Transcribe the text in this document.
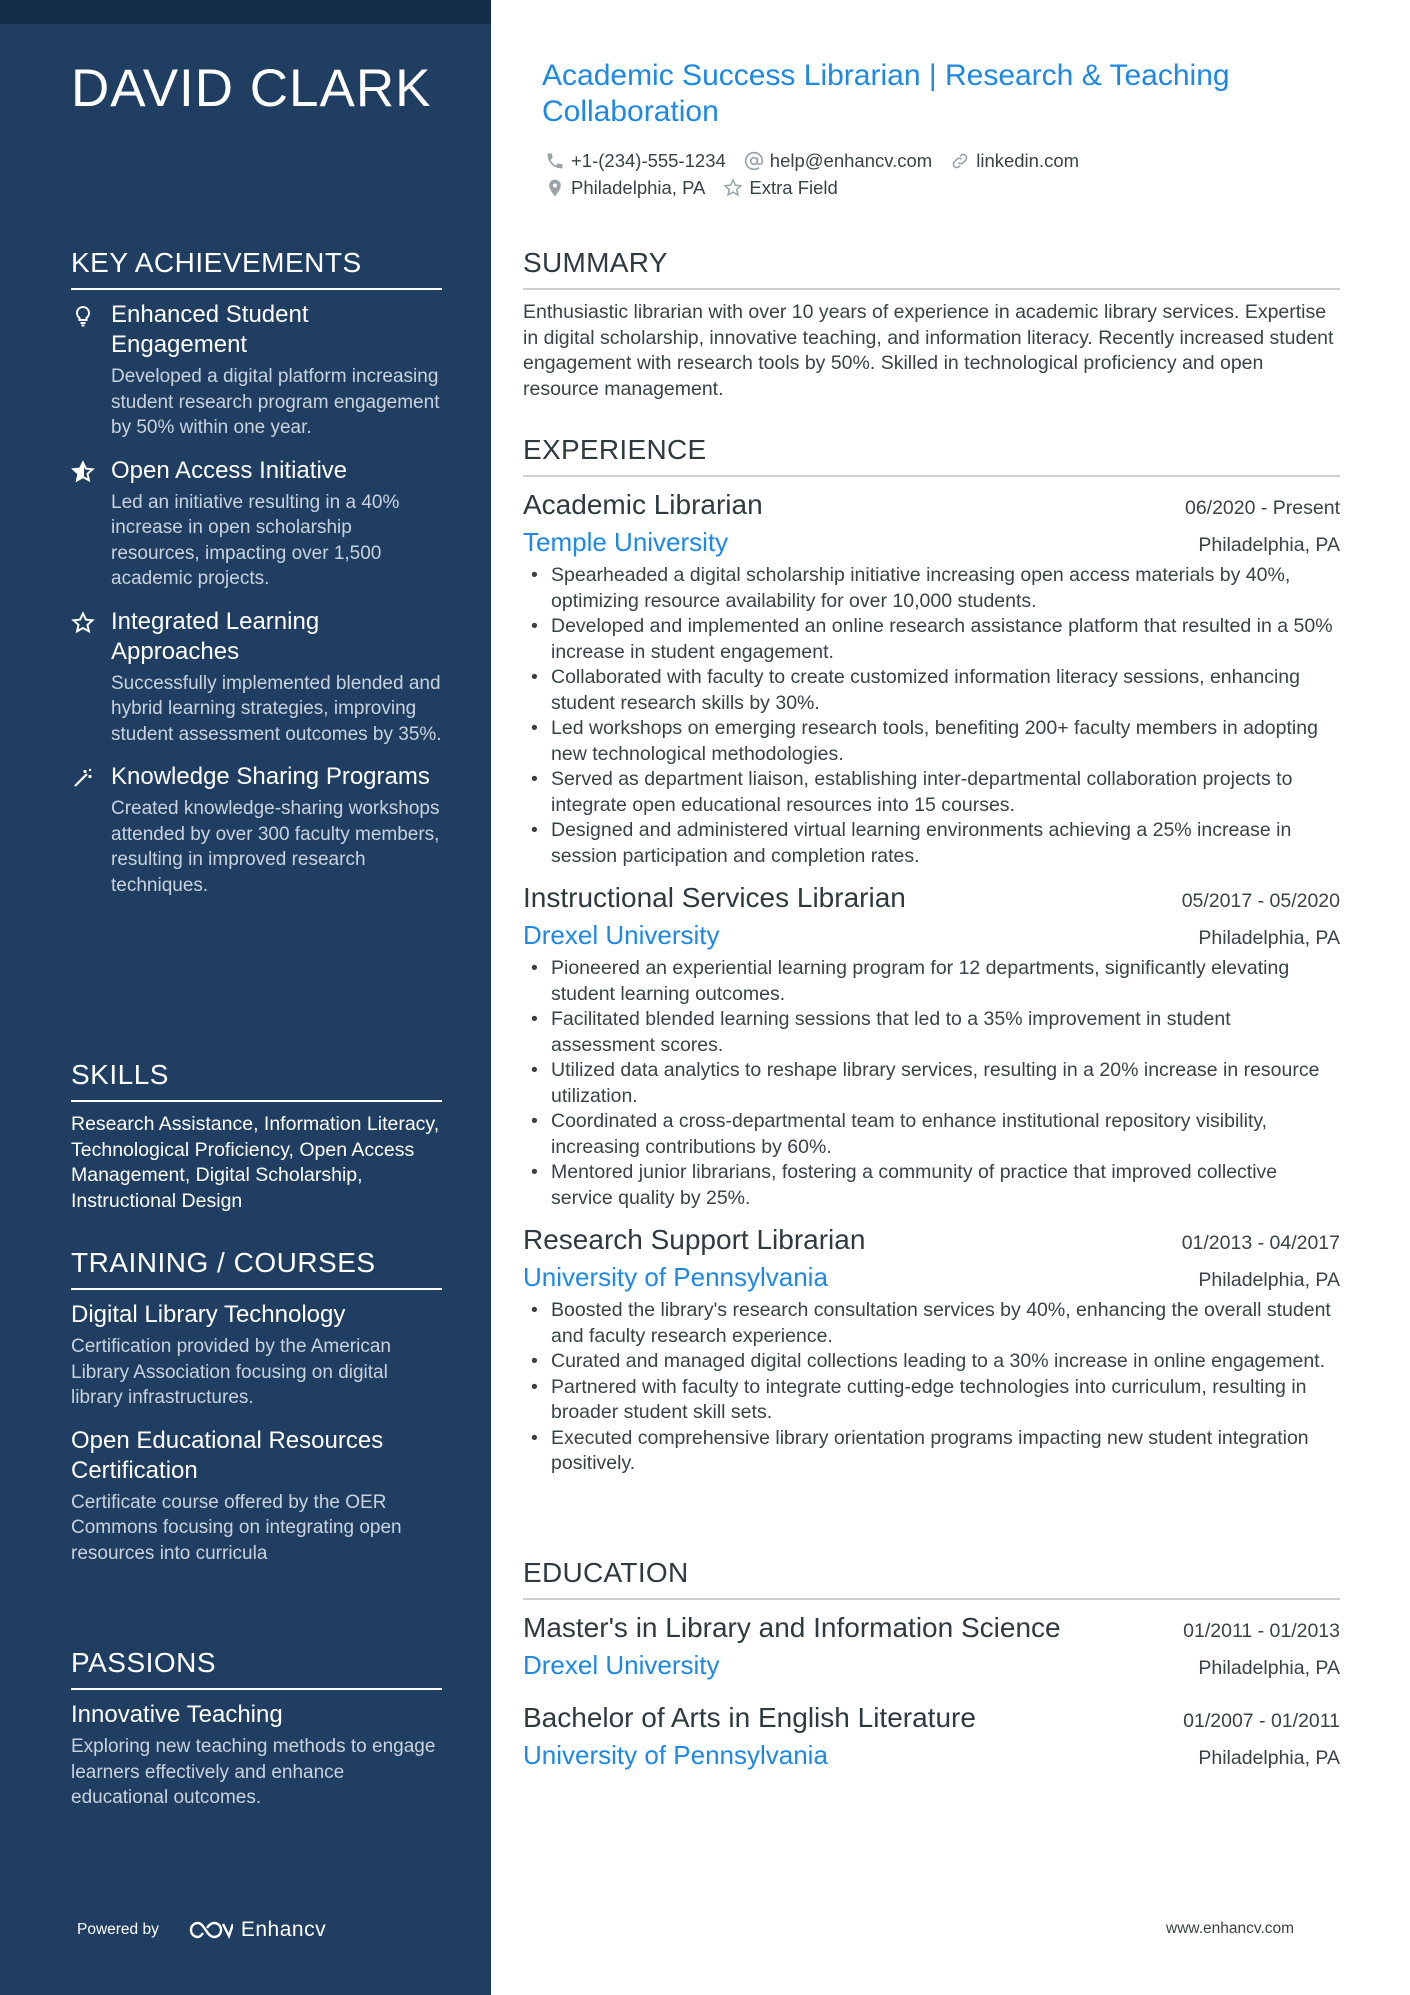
DAVID CLARK
KEY ACHIEVEMENTS
Enhanced Student Engagement
Developed a digital platform increasing student research program engagement by 50% within one year.
Open Access Initiative
Led an initiative resulting in a 40% increase in open scholarship resources, impacting over 1,500 academic projects.
Integrated Learning Approaches
Successfully implemented blended and hybrid learning strategies, improving student assessment outcomes by 35%.
Knowledge Sharing Programs
Created knowledge-sharing workshops attended by over 300 faculty members, resulting in improved research techniques.
SKILLS
Research Assistance, Information Literacy, Technological Proficiency, Open Access Management, Digital Scholarship, Instructional Design
TRAINING / COURSES
Digital Library Technology
Certification provided by the American Library Association focusing on digital library infrastructures.
Open Educational Resources Certification
Certificate course offered by the OER Commons focusing on integrating open resources into curricula
PASSIONS
Innovative Teaching
Exploring new teaching methods to engage learners effectively and enhance educational outcomes.
Powered by	Enhancv
Academic Success Librarian | Research & Teaching Collaboration
+1-(234)-555-1234 help@enhancv.com linkedin.com
Philadelphia, PA Extra Field
SUMMARY
Enthusiastic librarian with over 10 years of experience in academic library services. Expertise in digital scholarship, innovative teaching, and information literacy. Recently increased student engagement with research tools by 50%. Skilled in technological proficiency and open resource management.
EXPERIENCE
Academic Librarian	06/2020 - Present
Temple University	Philadelphia, PA
• Spearheaded a digital scholarship initiative increasing open access materials by 40%, optimizing resource availability for over 10,000 students.
• Developed and implemented an online research assistance platform that resulted in a 50% increase in student engagement.
• Collaborated with faculty to create customized information literacy sessions, enhancing student research skills by 30%.
• Led workshops on emerging research tools, benefiting 200+ faculty members in adopting new technological methodologies.
• Served as department liaison, establishing inter-departmental collaboration projects to integrate open educational resources into 15 courses.
• Designed and administered virtual learning environments achieving a 25% increase in session participation and completion rates.
Instructional Services Librarian	05/2017 - 05/2020
Drexel University	Philadelphia, PA
• Pioneered an experiential learning program for 12 departments, significantly elevating student learning outcomes.
• Facilitated blended learning sessions that led to a 35% improvement in student assessment scores.
• Utilized data analytics to reshape library services, resulting in a 20% increase in resource utilization.
• Coordinated a cross-departmental team to enhance institutional repository visibility, increasing contributions by 60%.
• Mentored junior librarians, fostering a community of practice that improved collective service quality by 25%.
Research Support Librarian	01/2013 - 04/2017
University of Pennsylvania	Philadelphia, PA
• Boosted the library's research consultation services by 40%, enhancing the overall student and faculty research experience.
• Curated and managed digital collections leading to a 30% increase in online engagement.
• Partnered with faculty to integrate cutting-edge technologies into curriculum, resulting in broader student skill sets.
• Executed comprehensive library orientation programs impacting new student integration positively.
EDUCATION
Master's in Library and Information Science	01/2011 - 01/2013
Drexel University	Philadelphia, PA
Bachelor of Arts in English Literature	01/2007 - 01/2011
University of Pennsylvania	Philadelphia, PA
www.enhancv.com
